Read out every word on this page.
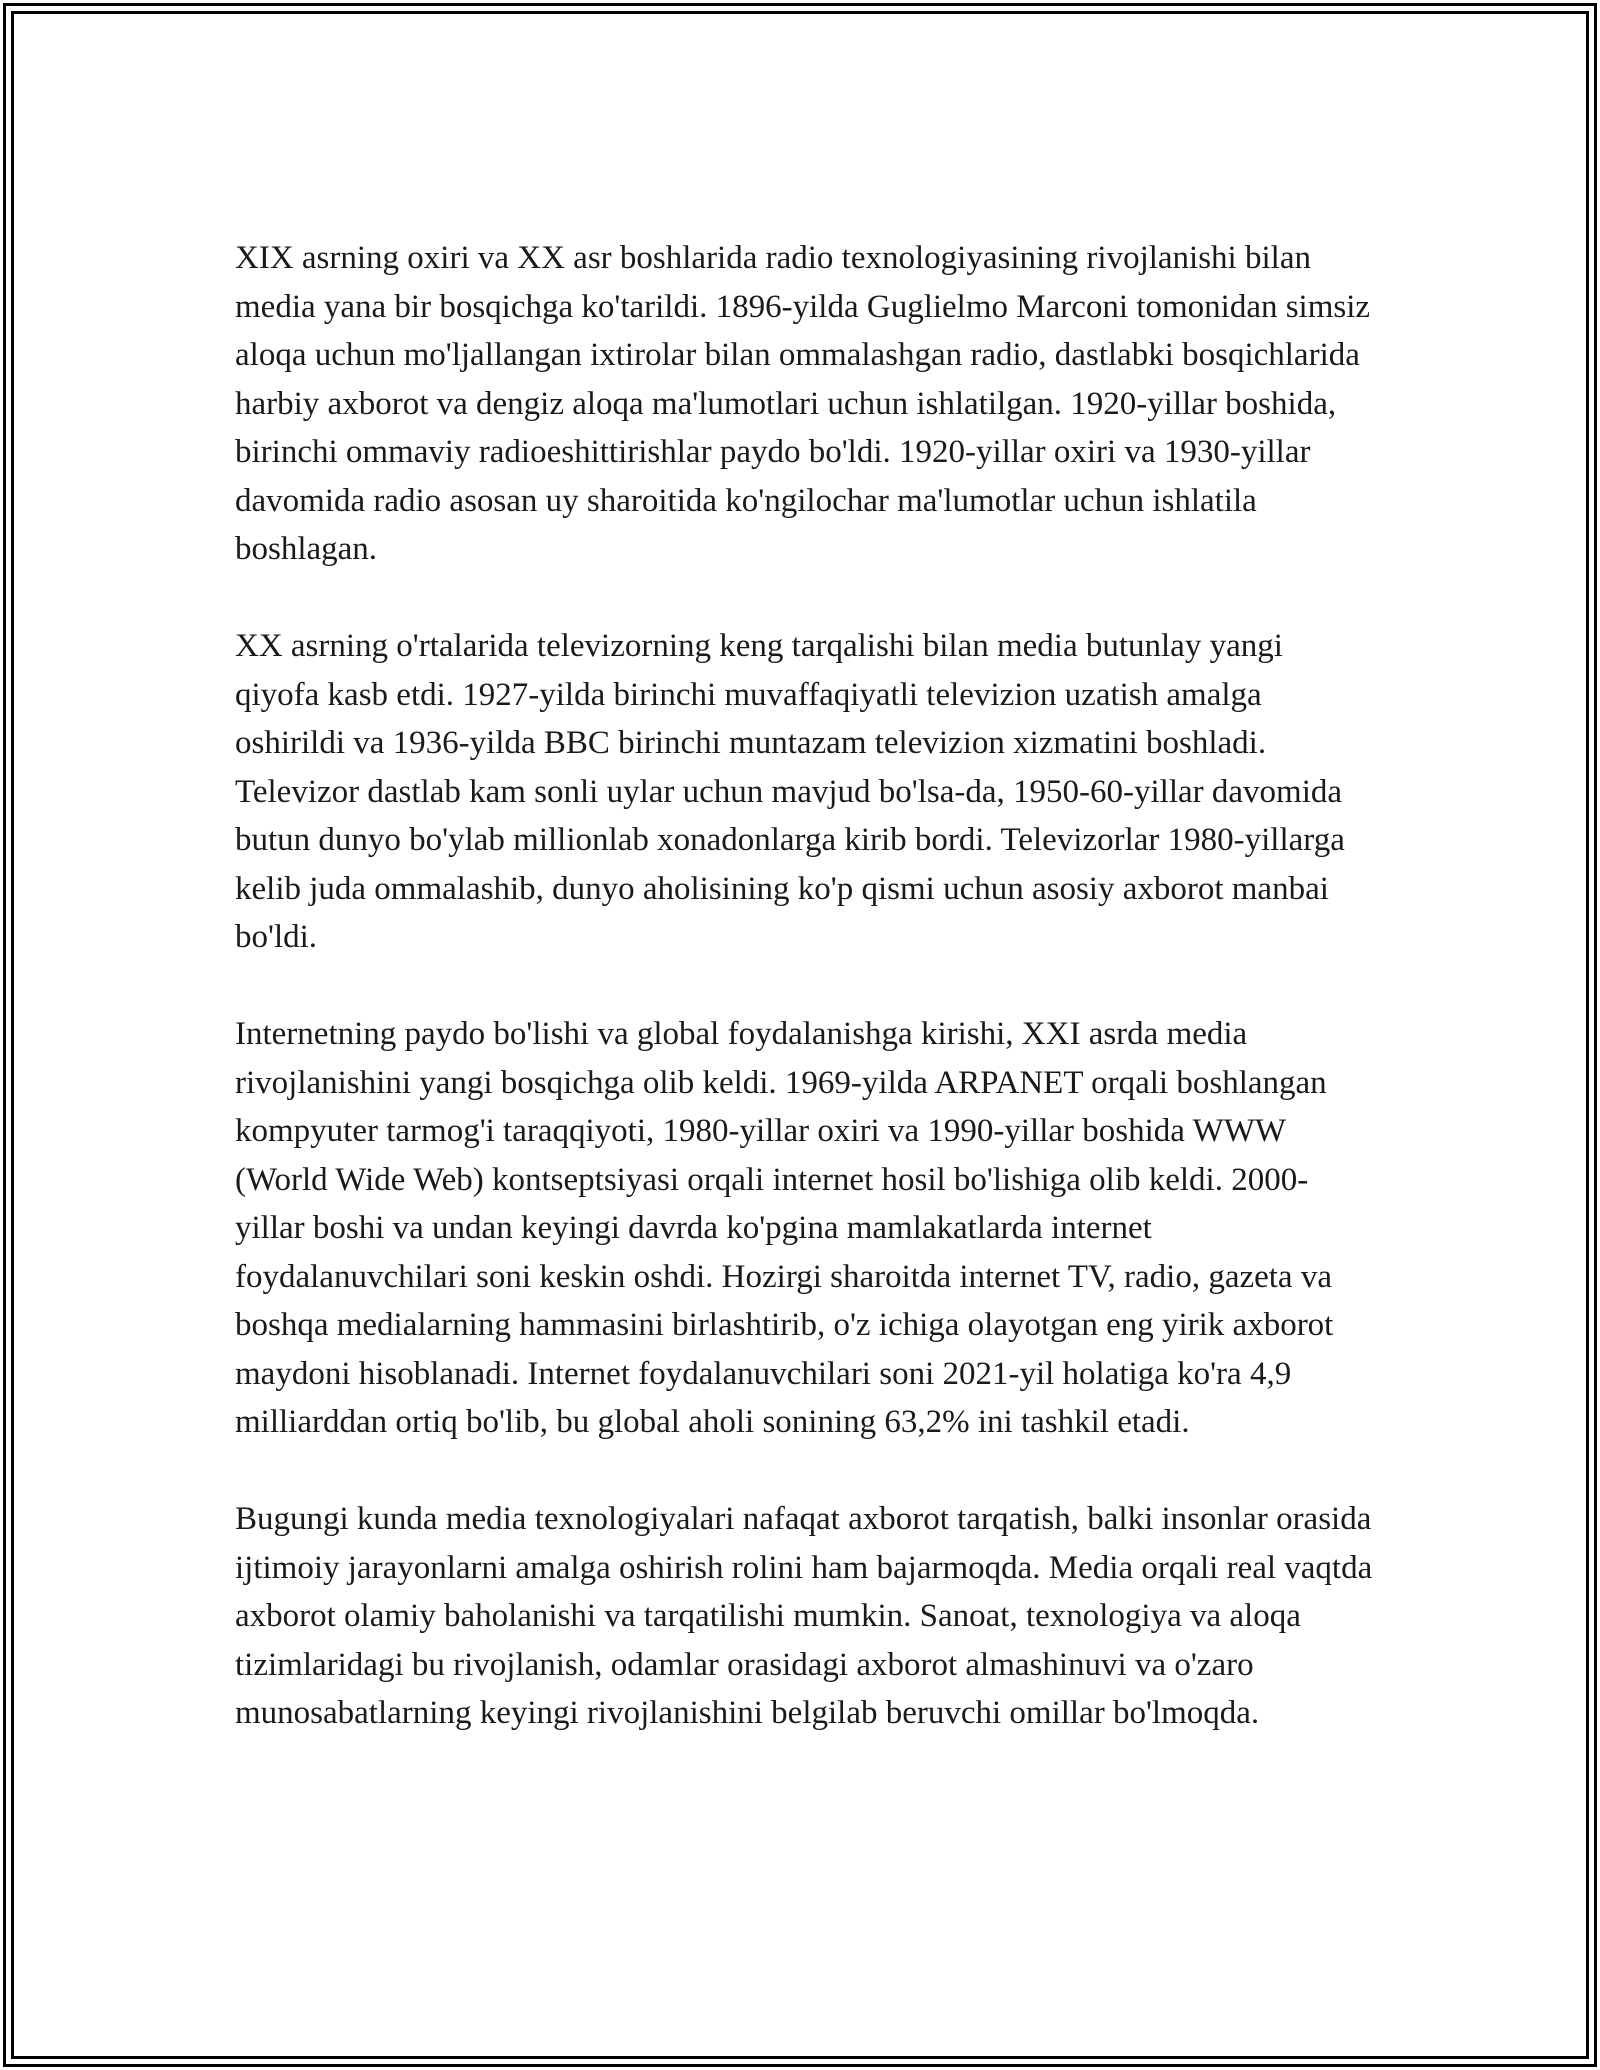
XIX asrning oxiri va XX asr boshlarida radio texnologiyasining rivojlanishi bilan media yana bir bosqichga ko'tarildi. 1896-yilda Guglielmo Marconi tomonidan simsiz aloqa uchun mo'ljallangan ixtirolar bilan ommalashgan radio, dastlabki bosqichlarida harbiy axborot va dengiz aloqa ma'lumotlari uchun ishlatilgan. 1920-yillar boshida, birinchi ommaviy radioeshittirishlar paydo bo'ldi. 1920-yillar oxiri va 1930-yillar davomida radio asosan uy sharoitida ko'ngilochar ma'lumotlar uchun ishlatila boshlagan.

XX asrning o'rtalarida televizorning keng tarqalishi bilan media butunlay yangi qiyofa kasb etdi. 1927-yilda birinchi muvaffaqiyatli televizion uzatish amalga oshirildi va 1936-yilda BBC birinchi muntazam televizion xizmatini boshladi. Televizor dastlab kam sonli uylar uchun mavjud bo'lsa-da, 1950-60-yillar davomida butun dunyo bo'ylab millionlab xonadonlarga kirib bordi. Televizorlar 1980-yillarga kelib juda ommalashib, dunyo aholisining ko'p qismi uchun asosiy axborot manbai bo'ldi.

Internetning paydo bo'lishi va global foydalanishga kirishi, XXI asrda media rivojlanishini yangi bosqichga olib keldi. 1969-yilda ARPANET orqali boshlangan kompyuter tarmog'i taraqqiyoti, 1980-yillar oxiri va 1990-yillar boshida WWW (World Wide Web) kontseptsiyasi orqali internet hosil bo'lishiga olib keldi. 2000-yillar boshi va undan keyingi davrda ko'pgina mamlakatlarda internet foydalanuvchilari soni keskin oshdi. Hozirgi sharoitda internet TV, radio, gazeta va boshqa medialarning hammasini birlashtirib, o'z ichiga olayotgan eng yirik axborot maydoni hisoblanadi. Internet foydalanuvchilari soni 2021-yil holatiga ko'ra 4,9 milliarddan ortiq bo'lib, bu global aholi sonining 63,2% ini tashkil etadi.

Bugungi kunda media texnologiyalari nafaqat axborot tarqatish, balki insonlar orasida ijtimoiy jarayonlarni amalga oshirish rolini ham bajarmoqda. Media orqali real vaqtda axborot olamiy baholanishi va tarqatilishi mumkin. Sanoat, texnologiya va aloqa tizimlaridagi bu rivojlanish, odamlar orasidagi axborot almashinuvi va o'zaro munosabatlarning keyingi rivojlanishini belgilab beruvchi omillar bo'lmoqda.
